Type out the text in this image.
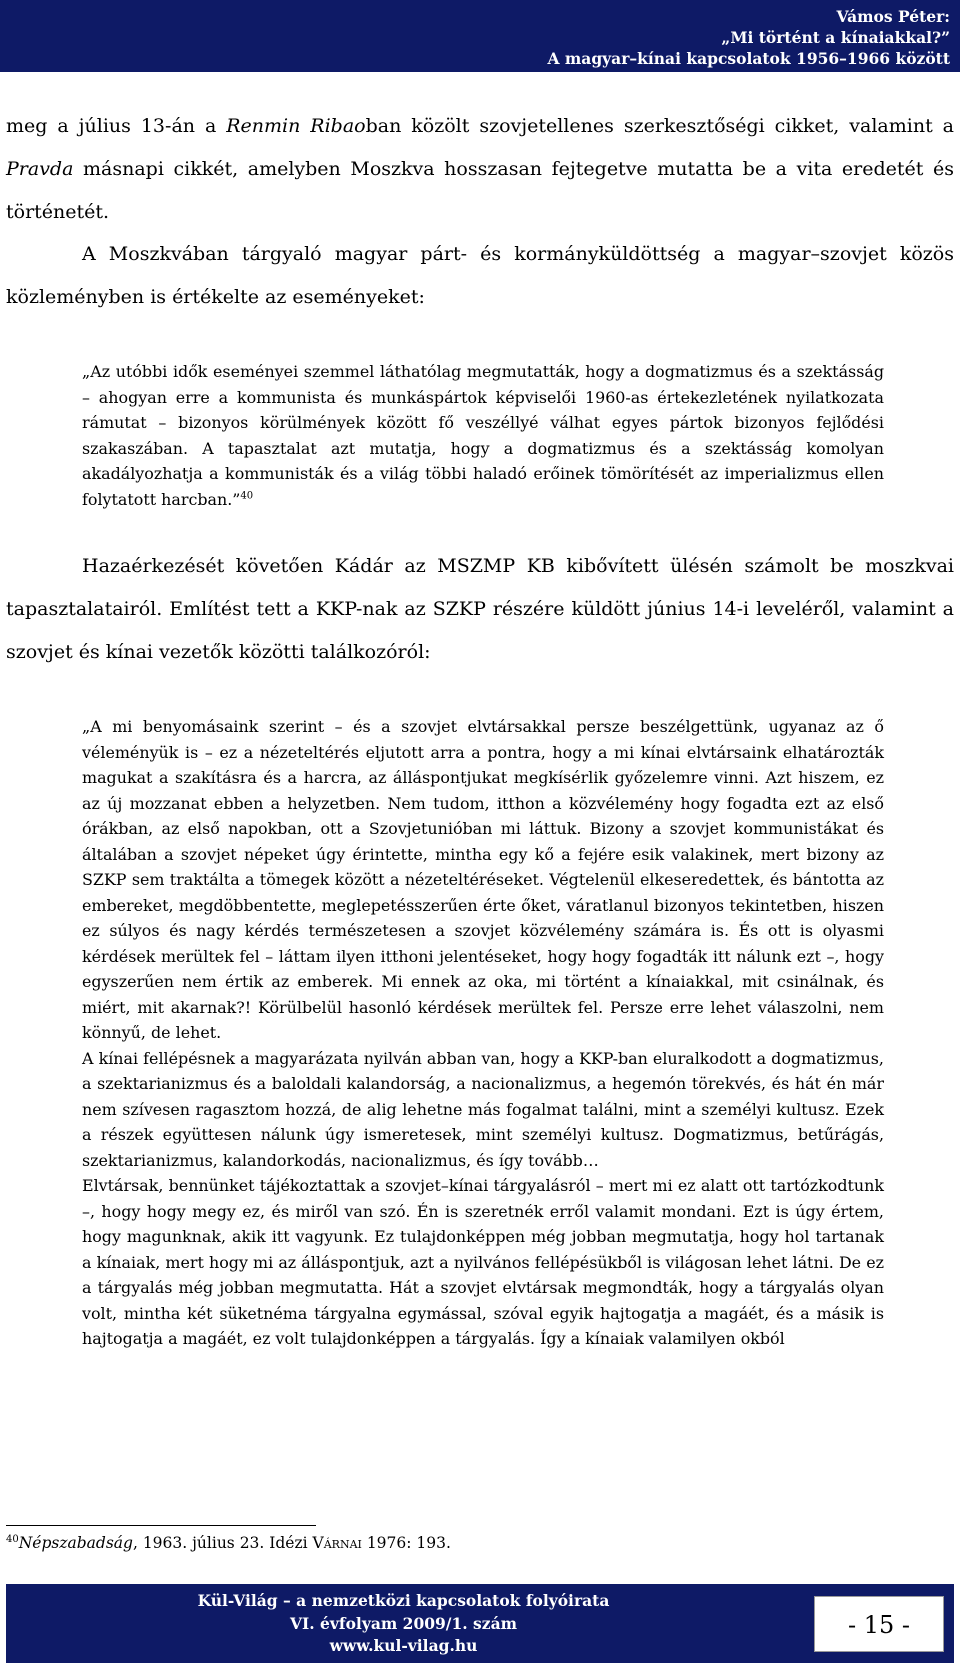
Vámos Péter:
„Mi történt a kínaiakkal?”
A magyar–kínai kapcsolatok 1956–1966 között

meg a július 13-án a Renmin Ribaoban közölt szovjetellenes szerkesztőségi cikket, valamint a Pravda másnapi cikkét, amelyben Moszkva hosszasan fejtegetve mutatta be a vita eredetét és történetét.

A Moszkvában tárgyaló magyar párt- és kormányküldöttség a magyar–szovjet közös közleményben is értékelte az eseményeket:

„Az utóbbi idők eseményei szemmel láthatólag megmutatták, hogy a dogmatizmus és a szektásság – ahogyan erre a kommunista és munkáspártok képviselői 1960-as értekezletének nyilatkozata rámutat – bizonyos körülmények között fő veszéllyé válhat egyes pártok bizonyos fejlődési szakaszában. A tapasztalat azt mutatja, hogy a dogmatizmus és a szektásság komolyan akadályozhatja a kommunisták és a világ többi haladó erőinek tömörítését az imperializmus ellen folytatott harcban.”$^{40}$

Hazaérkezését követően Kádár az MSZMP KB kibővített ülésén számolt be moszkvai tapasztalatairól. Említést tett a KKP-nak az SZKP részére küldött június 14-i leveléről, valamint a szovjet és kínai vezetők közötti találkozóról:

„A mi benyomásaink szerint – és a szovjet elvtársakkal persze beszélgettünk, ugyanaz az ő véleményük is – ez a nézeteltérés eljutott arra a pontra, hogy a mi kínai elvtársaink elhatározták magukat a szakításra és a harcra, az álláspontjukat megkísérlik győzelemre vinni. Azt hiszem, ez az új mozzanat ebben a helyzetben. Nem tudom, itthon a közvélemény hogy fogadta ezt az első órákban, az első napokban, ott a Szovjetunióban mi láttuk. Bizony a szovjet kommunistákat és általában a szovjet népeket úgy érintette, mintha egy kő a fejére esik valakinek, mert bizony az SZKP sem traktálta a tömegek között a nézeteltéréseket. Végtelenül elkeseredettek, és bántotta az embereket, megdöbbentette, meglepetésszerűen érte őket, váratlanul bizonyos tekintetben, hiszen ez súlyos és nagy kérdés természetesen a szovjet közvélemény számára is. És ott is olyasmi kérdések merültek fel – láttam ilyen itthoni jelentéseket, hogy hogy fogadták itt nálunk ezt –, hogy egyszerűen nem értik az emberek. Mi ennek az oka, mi történt a kínaiakkal, mit csinálnak, és miért, mit akarnak?! Körülbelül hasonló kérdések merültek fel. Persze erre lehet válaszolni, nem könnyű, de lehet.

A kínai fellépésnek a magyarázata nyilván abban van, hogy a KKP-ban eluralkodott a dogmatizmus, a szektarianizmus és a baloldali kalandorság, a nacionalizmus, a hegemón törekvés, és hát én már nem szívesen ragasztom hozzá, de alig lehetne más fogalmat találni, mint a személyi kultusz. Ezek a részek együttesen nálunk úgy ismeretesek, mint személyi kultusz. Dogmatizmus, betűrágás, szektarianizmus, kalandorkodás, nacionalizmus, és így tovább…

Elvtársak, bennünket tájékoztattak a szovjet–kínai tárgyalásról – mert mi ez alatt ott tartózkodtunk –, hogy hogy megy ez, és miről van szó. Én is szeretnék erről valamit mondani. Ezt is úgy értem, hogy magunknak, akik itt vagyunk. Ez tulajdonképpen még jobban megmutatja, hogy hol tartanak a kínaiak, mert hogy mi az álláspontjuk, azt a nyilvános fellépésükből is világosan lehet látni. De ez a tárgyalás még jobban megmutatta. Hát a szovjet elvtársak megmondták, hogy a tárgyalás olyan volt, mintha két süketnéma tárgyalna egymással, szóval egyik hajtogatja a magáét, és a másik is hajtogatja a magáét, ez volt tulajdonképpen a tárgyalás. Így a kínaiak valamilyen okból

$^{40}$Népszabadság, 1963. július 23. Idézi Várnai 1976: 193.
Kül-Világ – a nemzetközi kapcsolatok folyóirata
VI. évfolyam 2009/1. szám
www.kul-vilag.hu
- 15 -
